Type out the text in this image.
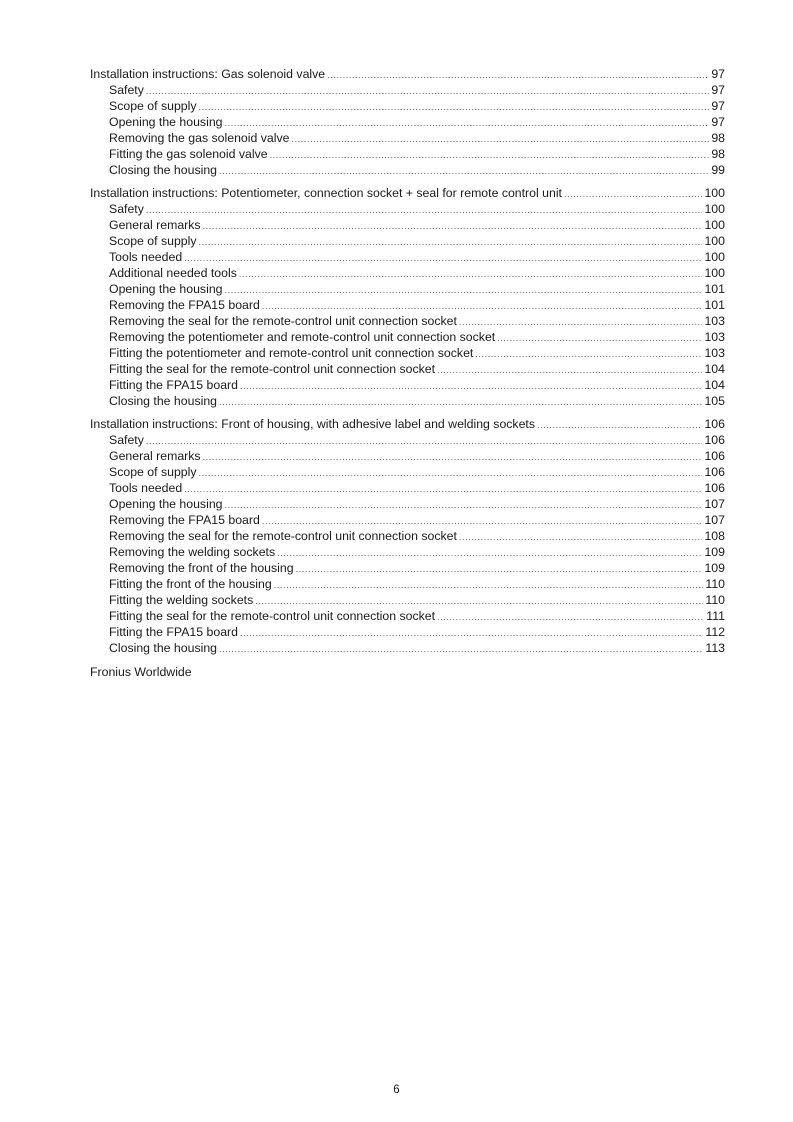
Installation instructions: Gas solenoid valve .....	97
Safety .....	97
Scope of supply .....	97
Opening the housing .....	97
Removing the gas solenoid valve .....	98
Fitting the gas solenoid valve .....	98
Closing the housing .....	99
Installation instructions: Potentiometer, connection socket + seal for remote control unit .....	100
Safety .....	100
General remarks .....	100
Scope of supply .....	100
Tools needed .....	100
Additional needed tools .....	100
Opening the housing .....	101
Removing the FPA15 board .....	101
Removing the seal for the remote-control unit connection socket .....	103
Removing the potentiometer and remote-control unit connection socket .....	103
Fitting the potentiometer and remote-control unit connection socket .....	103
Fitting the seal for the remote-control unit connection socket .....	104
Fitting the FPA15 board .....	104
Closing the housing .....	105
Installation instructions: Front of housing, with adhesive label and welding sockets .....	106
Safety .....	106
General remarks .....	106
Scope of supply .....	106
Tools needed .....	106
Opening the housing .....	107
Removing the FPA15 board .....	107
Removing the seal for the remote-control unit connection socket .....	108
Removing the welding sockets .....	109
Removing the front of the housing .....	109
Fitting the front of the housing .....	110
Fitting the welding sockets .....	110
Fitting the seal for the remote-control unit connection socket .....	111
Fitting the FPA15 board .....	112
Closing the housing .....	113
Fronius Worldwide
6
